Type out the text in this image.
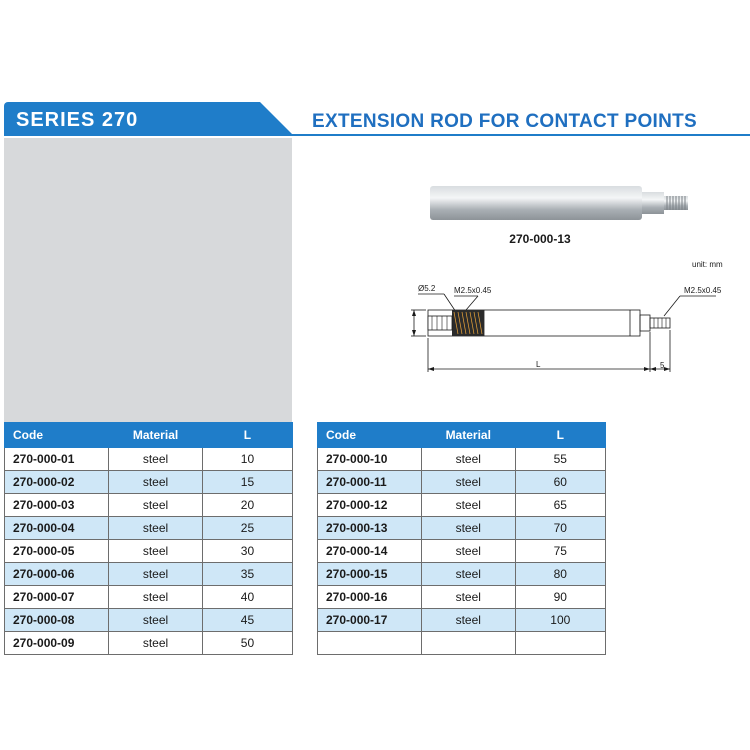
SERIES 270	EXTENSION ROD FOR CONTACT POINTS
270-000-13
unit: mm
Ø5.2 M2.5x0.45	M2.5x0.45
L	5
Code	Material	L
270-000-01	steel	10
270-000-02	steel	15
270-000-03	steel	20
270-000-04	steel	25
270-000-05	steel	30
270-000-06	steel	35
270-000-07	steel	40
270-000-08	steel	45
270-000-09	steel	50
Code	Material	L
270-000-10	steel	55
270-000-11	steel	60
270-000-12	steel	65
270-000-13	steel	70
270-000-14	steel	75
270-000-15	steel	80
270-000-16	steel	90
270-000-17	steel	100
